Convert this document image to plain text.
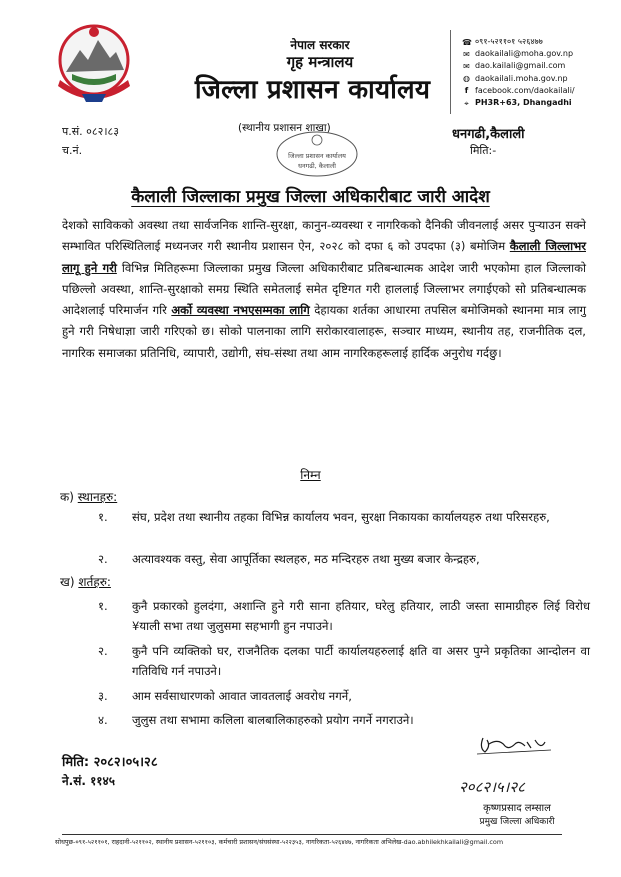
नेपाल सरकार
गृह मन्त्रालय
जिल्ला प्रशासन कार्यालय
☎ ०९१-५२११०१ ५२६४७७
✉ daokailali@moha.gov.np
✉ dao.kailali@gmail.com
◍ daokailali.moha.gov.np
f facebook.com/daokailali/
⌖ PH3R+63, Dhangadhi
प.सं. ०८२।८३
च.नं.
(स्थानीय प्रशासन शाखा)
जिल्ला प्रशासन कार्यालय
धनगढी, कैलाली
धनगढी,कैलाली
मिति:-
कैलाली जिल्लाका प्रमुख जिल्ला अधिकारीबाट जारी आदेश
देशको साविकको अवस्था तथा सार्वजनिक शान्ति-सुरक्षा, कानुन-व्यवस्था र नागरिकको दैनिकी जीवनलाई असर पुऱ्याउन सक्ने सम्भावित परिस्थितिलाई मध्यनजर गरी स्थानीय प्रशासन ऐन, २०२८ को दफा ६ को उपदफा (३) बमोजिम कैलाली जिल्लाभर लागू हुने गरी विभिन्न मितिहरूमा जिल्लाका प्रमुख जिल्ला अधिकारीबाट प्रतिबन्धात्मक आदेश जारी भएकोमा हाल जिल्लाको पछिल्लो अवस्था, शान्ति-सुरक्षाको समग्र स्थिति समेतलाई समेत दृष्टिगत गरी हाललाई जिल्लाभर लगाईएको सो प्रतिबन्धात्मक आदेशलाई परिमार्जन गरि अर्को व्यवस्था नभएसम्मका लागि देहायका शर्तका आधारमा तपसिल बमोजिमको स्थानमा मात्र लागु हुने गरी निषेधाज्ञा जारी गरिएको छ। सोको पालनाका लागि सरोकारवालाहरू, सञ्चार माध्यम, स्थानीय तह, राजनीतिक दल, नागरिक समाजका प्रतिनिधि, व्यापारी, उद्योगी, संघ-संस्था तथा आम नागरिकहरूलाई हार्दिक अनुरोध गर्दछु।
निम्न
क) स्थानहरु:
१. संघ, प्रदेश तथा स्थानीय तहका विभिन्न कार्यालय भवन, सुरक्षा निकायका कार्यालयहरु तथा परिसरहरु,
२. अत्यावश्यक वस्तु, सेवा आपूर्तिका स्थलहरु, मठ मन्दिरहरु तथा मुख्य बजार केन्द्रहरु,
ख) शर्तहरु:
१. कुनै प्रकारको हुलदंगा, अशान्ति हुने गरी साना हतियार, घरेलु हतियार, लाठी जस्ता सामाग्रीहरु लिई विरोध ¥याली सभा तथा जुलुसमा सहभागी हुन नपाउने।
२. कुनै पनि व्यक्तिको घर, राजनैतिक दलका पार्टी कार्यालयहरुलाई क्षति वा असर पुग्ने प्रकृतिका आन्दोलन वा गतिविधि गर्न नपाउने।
३. आम सर्वसाधारणको आवात जावतलाई अवरोध नगर्ने,
४. जुलुस तथा सभामा कलिला बालबालिकाहरुको प्रयोग नगर्ने नगराउने।
मिति: २०८२।०५।२८
ने.सं. ११४५	२०८२।५।२८
कृष्णप्रसाद लम्साल
प्रमुख जिल्ला अधिकारी
सोधपुछ-०९१-५२११०१, राहदानी-५२११०२, स्थानीय प्रशासन-५२११०३, कर्मचारी प्रशासन/संघसंस्था-५२२३५३, नागरिकता-५२६४४७, नागरिकता अभिलेख-dao.abhilekhkailali@gmail.com
